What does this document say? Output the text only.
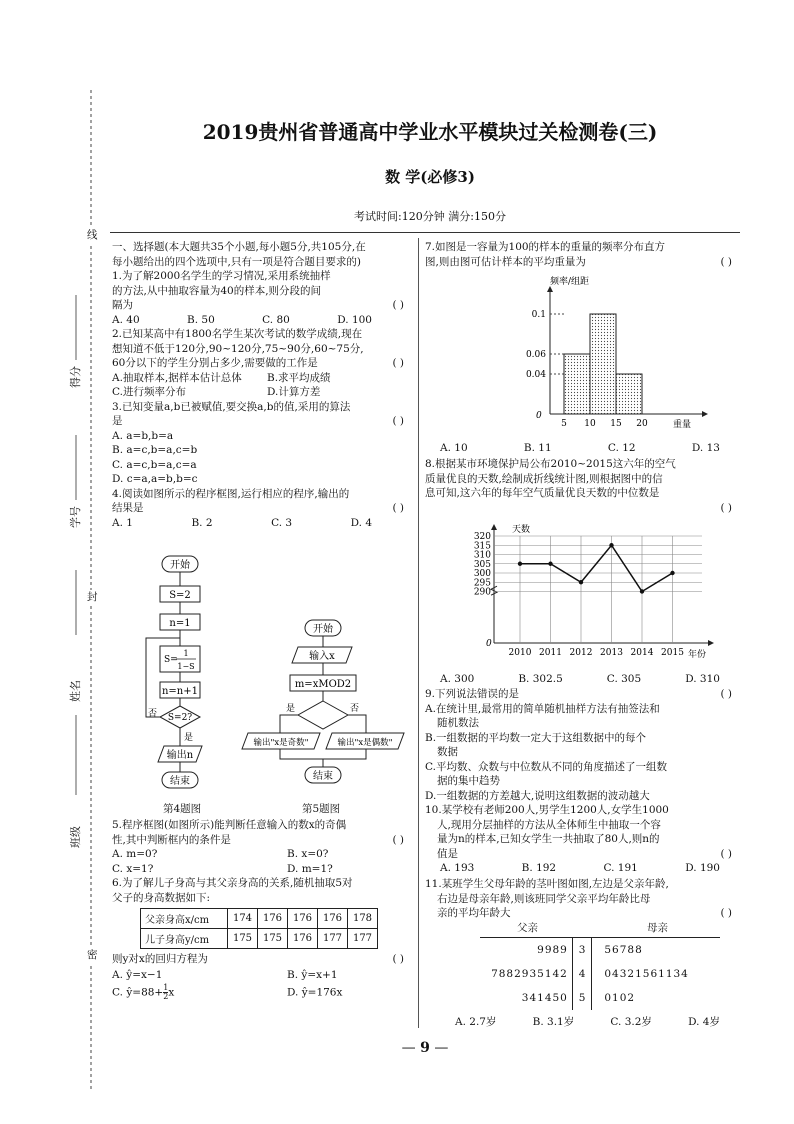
线
封
密
得分
学号
姓名
班级
2019贵州省普通高中学业水平模块过关检测卷(三)
数 学(必修3)
考试时间:120分钟 满分:150分
一、选择题(本大题共35个小题,每小题5分,共105分,在
每小题给出的四个选项中,只有一项是符合题目要求的)
1.为了解2000名学生的学习情况,采用系统抽样
的方法,从中抽取容量为40的样本,则分段的间
隔为	( )
A. 40	B. 50	C. 80	D. 100
2.已知某高中有1800名学生某次考试的数学成绩,现在
想知道不低于120分,90~120分,75~90分,60~75分,
60分以下的学生分别占多少,需要做的工作是	( )
A.抽取样本,据样本估计总体 B.求平均成绩
C.进行频率分布	D.计算方差
3.已知变量a,b已被赋值,要交换a,b的值,采用的算法
是	( )
A. a=b,b=a
B. a=c,b=a,c=b
C. a=c,b=a,c=a
D. c=a,a=b,b=c
4.阅读如图所示的程序框图,运行相应的程序,输出的
结果是	( )
A. 1	B. 2	C. 3	D. 4
开始
S=2
n=1
S=
1
1−S
n=n+1
S=2?
否
是
输出n
结束
第4题图
开始
输入x
m=xMOD2
是	否
输出"x是奇数"	输出"x是偶数"
结束
第5题图
5.程序框图(如图所示)能判断任意输入的数x的奇偶
性,其中判断框内的条件是	( )
A. m=0?	B. x=0?
C. x=1?	D. m=1?
6.为了解儿子身高与其父亲身高的关系,随机抽取5对
父子的身高数据如下:
父亲身高x/cm	174	176	176	176	178
儿子身高y/cm	175	175	176	177	177
则y对x的回归方程为	( )
A. ŷ=x−1	B. ŷ=x+1
C. ŷ=88+ $\frac{1}{2}$ x	D. ŷ=176x
7.如图是一容量为100的样本的重量的频率分布直方
图,则由图可估计样本的平均重量为	( )
0.1
0.06
0.04
5 10 15 20
频率/组距
重量
0
A. 10	B. 11	C. 12	D. 13
8.根据某市环境保护局公布2010~2015这六年的空气
质量优良的天数,绘制成折线统计图,则根据图中的信
息可知,这六年的每年空气质量优良天数的中位数是
( )
320
315
310
305
300
295
290
2010 2011 2012 2013 2014 2015
天数
年份
0
A. 300	B. 302.5	C. 305	D. 310
9.下列说法错误的是	( )
A.在统计里,最常用的简单随机抽样方法有抽签法和
随机数法
B.一组数据的平均数一定大于这组数据中的每个
数据
C.平均数、众数与中位数从不同的角度描述了一组数
据的集中趋势
D.一组数据的方差越大,说明这组数据的波动越大
10.某学校有老师200人,男学生1200人,女学生1000
人,现用分层抽样的方法从全体师生中抽取一个容
量为n的样本,已知女学生一共抽取了80人,则n的
值是	( )
A. 193	B. 192	C. 191	D. 190
11.某班学生父母年龄的茎叶图如图,左边是父亲年龄,
右边是母亲年龄,则该班同学父亲平均年龄比母
亲的平均年龄大	( )
父亲	母亲
9989	3	56788
7882935142	4	04321561134
341450	5	0102
A. 2.7岁	B. 3.1岁	C. 3.2岁	D. 4岁
— 9 —
